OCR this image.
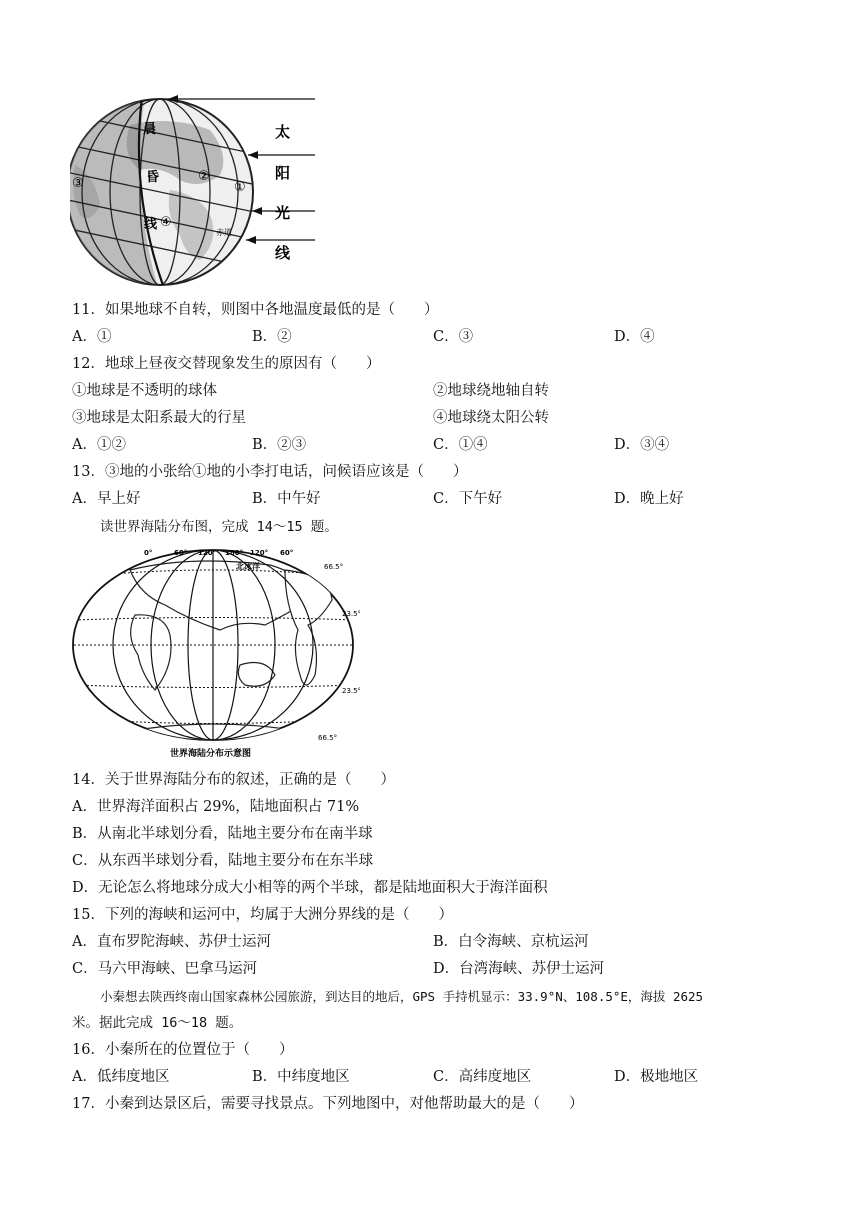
太
阳
光
线
晨
昏
线
③	②
①
④
赤道
11．如果地球不自转，则图中各地温度最低的是（　　）
A．①	B．②	C．③	D．④
12．地球上昼夜交替现象发生的原因有（　　）
①地球是不透明的球体	②地球绕地轴自转
③地球是太阳系最大的行星	④地球绕太阳公转
A．①②	B．②③	C．①④	D．③④
13．③地的小张给①地的小李打电话，问候语应该是（　　）
A．早上好	B．中午好	C．下午好	D．晚上好
读世界海陆分布图，完成 14～15 题。
0°	60° 120° 180° 120° 60°
北冰洋	66.5°
23.5°
23.5°
66.5°
世界海陆分布示意图
14．关于世界海陆分布的叙述，正确的是（　　）
A．世界海洋面积占 29%，陆地面积占 71%
B．从南北半球划分看，陆地主要分布在南半球
C．从东西半球划分看，陆地主要分布在东半球
D．无论怎么将地球分成大小相等的两个半球，都是陆地面积大于海洋面积
15．下列的海峡和运河中，均属于大洲分界线的是（　　）
A．直布罗陀海峡、苏伊士运河	B．白令海峡、京杭运河
C．马六甲海峡、巴拿马运河	D．台湾海峡、苏伊士运河
小秦想去陕西终南山国家森林公园旅游，到达目的地后，GPS 手持机显示：33.9°N、108.5°E，海拔 2625
米。据此完成 16～18 题。
16．小秦所在的位置位于（　　）
A．低纬度地区	B．中纬度地区	C．高纬度地区	D．极地地区
17．小秦到达景区后，需要寻找景点。下列地图中，对他帮助最大的是（　　）
